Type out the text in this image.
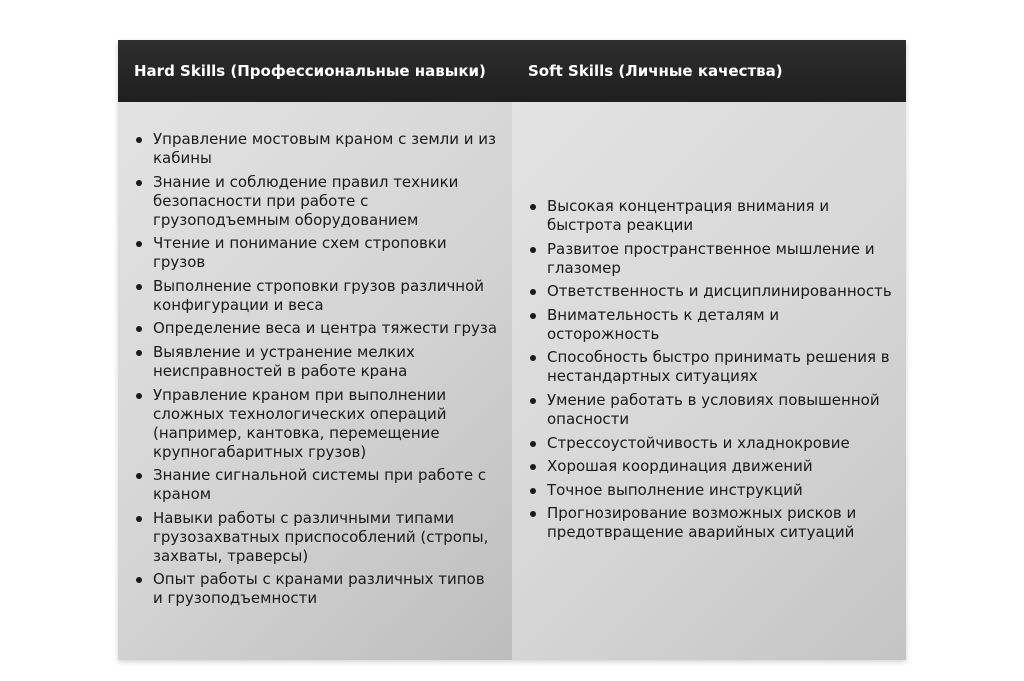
Hard Skills (Профессиональные навыки)	Soft Skills (Личные качества)
Управление мостовым краном с земли и из кабины
Знание и соблюдение правил техники безопасности при работе с грузоподъемным оборудованием
Чтение и понимание схем строповки грузов
Выполнение строповки грузов различной конфигурации и веса
Определение веса и центра тяжести груза
Выявление и устранение мелких неисправностей в работе крана
Управление краном при выполнении сложных технологических операций (например, кантовка, перемещение крупногабаритных грузов)
Знание сигнальной системы при работе с краном
Навыки работы с различными типами грузозахватных приспособлений (стропы, захваты, траверсы)
Опыт работы с кранами различных типов и грузоподъемности
Высокая концентрация внимания и быстрота реакции
Развитое пространственное мышление и глазомер
Ответственность и дисциплинированность
Внимательность к деталям и осторожность
Способность быстро принимать решения в нестандартных ситуациях
Умение работать в условиях повышенной опасности
Стрессоустойчивость и хладнокровие
Хорошая координация движений
Точное выполнение инструкций
Прогнозирование возможных рисков и предотвращение аварийных ситуаций
